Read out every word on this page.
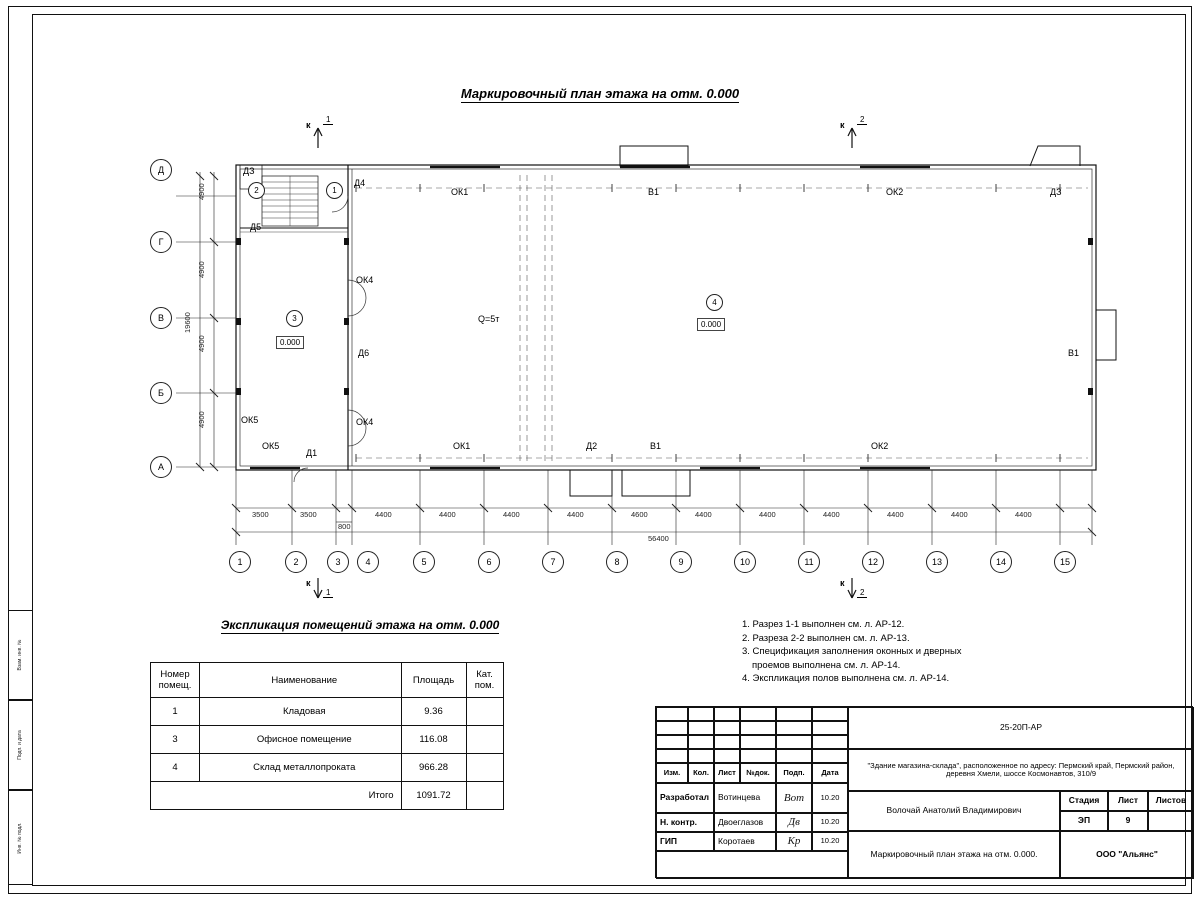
Взам. инв. №
Подп. и дата
Инв. № подл.
Маркировочный план этажа на отм. 0.000
Д
Г
В
Б
А
1	2	3	4	5	6	7	8	9	10	11	12	13	14	15
4900
4900
4900
4900
19600
3500	3500	4400	4400	4400	4400	4600	4400	4400	4400	4400	4400	4400
800
56400
ДЗ
Д4
ОК1	В1	ОК2	ДЗ
Д5
ОК4
ОК4
Д6
ОК5
ОК5
Д1
ОК1	Д2	В1	ОК2
В1
Q=5т
2	1
3
0.000
4
0.000
к
1
к
2
к
1
к
2
Экспликация помещений этажа на отм. 0.000
Номер помещ.	Наименование	Площадь	Кат. пом.
1	Кладовая	9.36	
3	Офисное помещение	116.08	
4	Склад металлопроката	966.28	
	Итого	1091.72	
1. Разрез 1-1 выполнен см. л. АР-12.
2. Разреза 2-2 выполнен см. л. АР-13.
3. Спецификация заполнения оконных и дверных
проемов выполнена см. л. АР-14.
4. Экспликация полов выполнена см. л. АР-14.
25-20П-АР
"Здание магазина-склада", расположенное по адресу: Пермский край, Пермский район, деревня Хмели, шоссе Космонавтов, 310/9
Изм.	Кол.	Лист	№док.	Подп.	Дата
Разработал	Вотинцева	Вот	10.20
Н. контр.	Двоеглазов	Дв	10.20
ГИП	Коротаев	Кр	10.20
Волочай Анатолий Владимирович
Маркировочный план этажа на отм. 0.000.
Стадия	Лист	Листов
ЭП	9
ООО "Альянс"
